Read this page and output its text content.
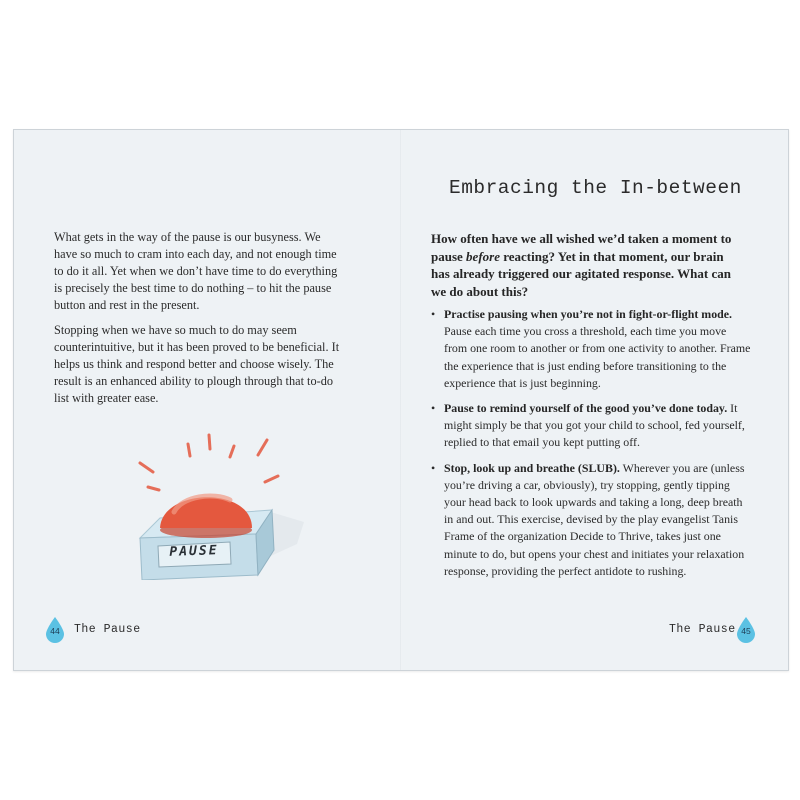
What gets in the way of the pause is our busyness. We have so much to cram into each day, and not enough time to do it all. Yet when we don’t have time to do everything is precisely the best time to do nothing – to hit the pause button and rest in the present.

Stopping when we have so much to do may seem counterintuitive, but it has been proved to be beneficial. It helps us think and respond better and choose wisely. The result is an enhanced ability to plough through that to-do list with greater ease.

PAUSE
44	The Pause
Embracing the In-between
How often have we all wished we’d taken a moment to pause before reacting? Yet in that moment, our brain has already triggered our agitated response. What can we do about this?
• Practise pausing when you’re not in fight-or-flight mode. Pause each time you cross a threshold, each time you move from one room to another or from one activity to another. Frame the experience that is just ending before transitioning to the experience that is just beginning.
• Pause to remind yourself of the good you’ve done today. It might simply be that you got your child to school, fed yourself, replied to that email you kept putting off.
• Stop, look up and breathe (SLUB). Wherever you are (unless you’re driving a car, obviously), try stopping, gently tipping your head back to look upwards and taking a long, deep breath in and out. This exercise, devised by the play evangelist Tanis Frame of the organization Decide to Thrive, takes just one minute to do, but opens your chest and initiates your relaxation response, providing the perfect antidote to rushing.
The Pause 45
